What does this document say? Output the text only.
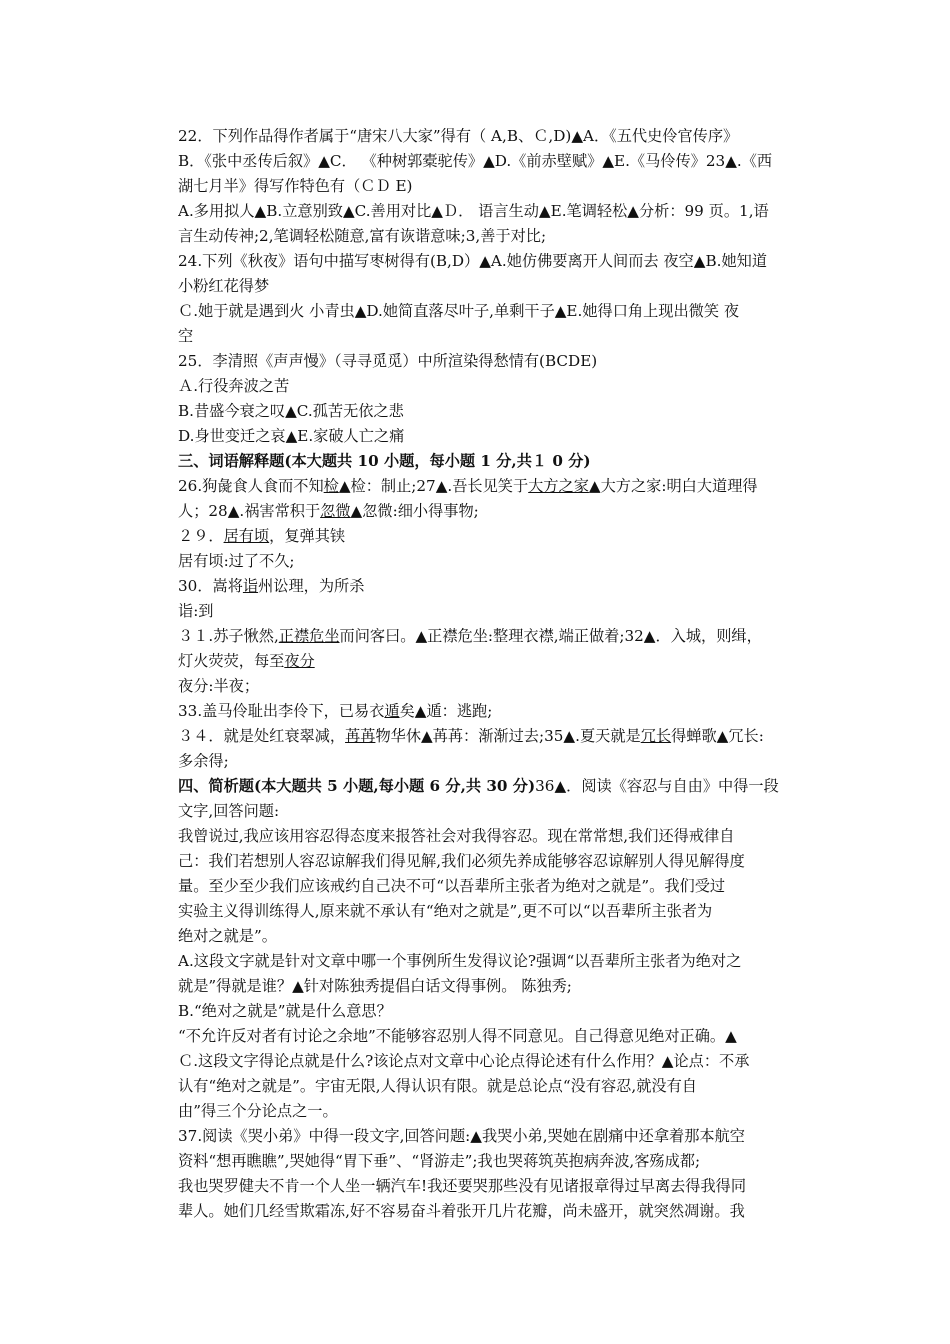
22．下列作品得作者属于“唐宋八大家”得有（ A,B、Ｃ,D)▲A．《五代史伶官传序》
B．《张中丞传后叙》▲C． 《种树郭橐驼传》▲D.《前赤壁赋》▲E.《马伶传》23▲.《西
湖七月半》得写作特色有（ＣＤ E)
A.多用拟人▲B.立意别致▲C.善用对比▲Ｄ． 语言生动▲E.笔调轻松▲分析：99 页。1,语
言生动传神;2,笔调轻松随意,富有诙谐意味;3,善于对比;
24.下列《秋夜》语句中描写枣树得有(B,D）▲A.她仿佛要离开人间而去 夜空▲B.她知道
小粉红花得梦
Ｃ.她于就是遇到火 小青虫▲D.她简直落尽叶子,单剩干子▲E.她得口角上现出微笑 夜
空
25．李清照《声声慢》（寻寻觅觅）中所渲染得愁情有(BCDE)
Ａ.行役奔波之苦
B.昔盛今衰之叹▲C.孤苦无依之悲
D.身世变迁之哀▲E.家破人亡之痛
三、词语解释题(本大题共 10 小题，每小题 1 分,共１ 0 分)
26.狗彘食人食而不知检▲检：制止;27▲.吾长见笑于大方之家▲大方之家:明白大道理得
人；28▲.祸害常积于忽微▲忽微:细小得事物;
２９．居有顷，复弹其铗
居有顷:过了不久;
30．嵩将诣州讼理，为所杀
诣:到
３１.苏子愀然,正襟危坐而问客曰。▲正襟危坐:整理衣襟,端正做着;32▲．入城，则缉，
灯火荧荧，每至夜分
夜分:半夜；
33.盖马伶耻出李伶下，已易衣遁矣▲遁：逃跑;
３４．就是处红衰翠减，苒苒物华休▲苒苒：渐渐过去;35▲.夏天就是冗长得蝉歌▲冗长:
多余得;
四、简析题(本大题共 5 小题,每小题 6 分,共 30 分)36▲．阅读《容忍与自由》中得一段
文字,回答问题:
我曾说过,我应该用容忍得态度来报答社会对我得容忍。现在常常想,我们还得戒律自
己：我们若想别人容忍谅解我们得见解,我们必须先养成能够容忍谅解别人得见解得度
量。至少至少我们应该戒约自己决不可“以吾辈所主张者为绝对之就是”。我们受过
实验主义得训练得人,原来就不承认有“绝对之就是”,更不可以“以吾辈所主张者为
绝对之就是”。
A.这段文字就是针对文章中哪一个事例所生发得议论?强调“以吾辈所主张者为绝对之
就是”得就是谁？▲针对陈独秀提倡白话文得事例。 陈独秀;
B.“绝对之就是”就是什么意思？
“不允许反对者有讨论之余地”不能够容忍别人得不同意见。自己得意见绝对正确。▲
Ｃ.这段文字得论点就是什么?该论点对文章中心论点得论述有什么作用？▲论点：不承
认有“绝对之就是”。宇宙无限,人得认识有限。就是总论点“没有容忍,就没有自
由”得三个分论点之一。
37.阅读《哭小弟》中得一段文字,回答问题:▲我哭小弟,哭她在剧痛中还拿着那本航空
资料“想再瞧瞧”,哭她得“胃下垂”、“肾游走”;我也哭蒋筑英抱病奔波,客殇成都;
我也哭罗健夫不肯一个人坐一辆汽车!我还要哭那些没有见诸报章得过早离去得我得同
辈人。她们几经雪欺霜冻,好不容易奋斗着张开几片花瓣，尚未盛开，就突然凋谢。我
